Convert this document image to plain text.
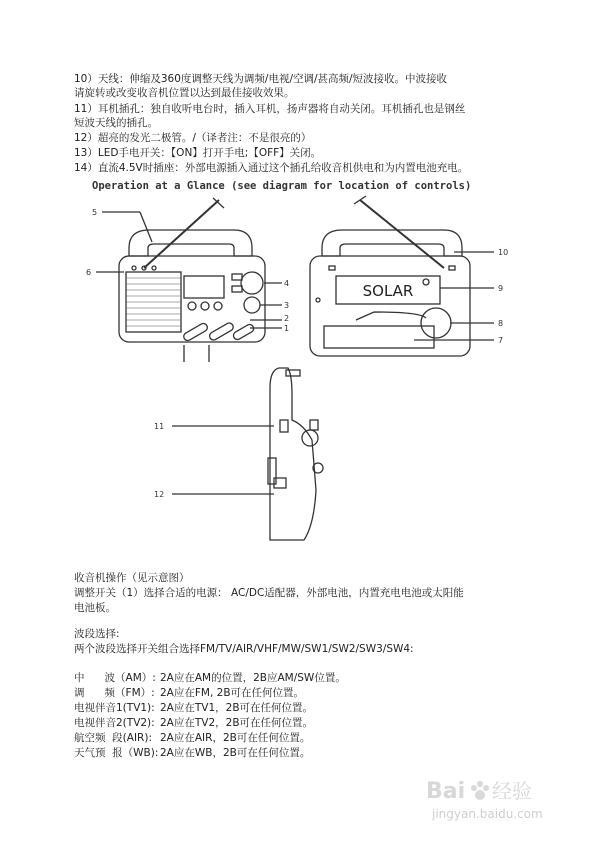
10）天线：伸缩及360度调整天线为调频/电视/空调/甚高频/短波接收。中波接收
请旋转或改变收音机位置以达到最佳接收效果。
11）耳机插孔：独自收听电台时，插入耳机，扬声器将自动关闭。耳机插孔也是钢丝
短波天线的插孔。
12）超亮的发光二极管。/（译者注：不是很亮的）
13）LED手电开关：【ON】打开手电;【OFF】关闭。
14）直流4.5V时插座：外部电源插入通过这个插孔给收音机供电和为内置电池充电。
Operation at a Glance (see diagram for location of controls)
SOLAR
5
6
4
3
2
1
10
9
8
7
11
12
收音机操作（见示意图）
调整开关（1）选择合适的电源： AC/DC适配器，外部电池，内置充电电池或太阳能
电池板。
波段选择:
两个波段选择开关组合选择FM/TV/AIR/VHF/MW/SW1/SW2/SW3/SW4:
中      波（AM）: 2A应在AM的位置，2B应AM/SW位置。
调      频（FM）: 2A应在FM, 2B可在任何位置。
电视伴音1(TV1): 2A应在TV1，2B可在任何位置。
电视伴音2(TV2): 2A应在TV2，2B可在任何位置。
航空频  段(AIR): 2A应在AIR，2B可在任何位置。
天气预  报（WB): 2A应在WB，2B可在任何位置。
Bai 经验
jingyan.baidu.com
